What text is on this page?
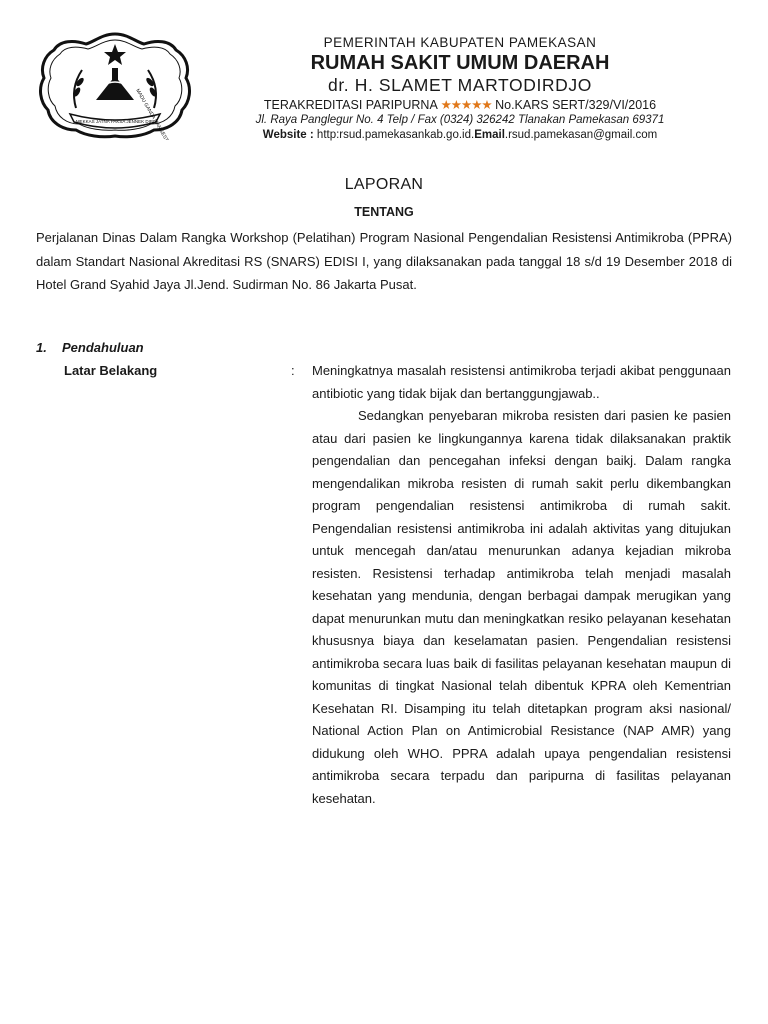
MEKKAS JATNA PAKSA JENNEK DIBI
MADU GANDA MANGESTI
PEMERINTAH KABUPATEN PAMEKASAN
RUMAH SAKIT UMUM DAERAH
dr. H. SLAMET MARTODIRDJO
TERAKREDITASI PARIPURNA ★★★★★ No.KARS SERT/329/VI/2016
Jl. Raya Panglegur No. 4 Telp / Fax (0324) 326242 Tlanakan Pamekasan 69371
Website : http:rsud.pamekasankab.go.id.Email.rsud.pamekasan@gmail.com
LAPORAN
TENTANG
Perjalanan Dinas Dalam Rangka Workshop (Pelatihan) Program Nasional Pengendalian Resistensi Antimikroba (PPRA) dalam Standart Nasional Akreditasi RS (SNARS) EDISI I, yang dilaksanakan pada tanggal 18 s/d 19 Desember 2018 di Hotel Grand Syahid Jaya Jl.Jend. Sudirman No. 86 Jakarta Pusat.
1. Pendahuluan
Latar Belakang	: Meningkatnya masalah resistensi antimikroba terjadi akibat penggunaan antibiotic yang tidak bijak dan bertanggungjawab..

Sedangkan penyebaran mikroba resisten dari pasien ke pasien atau dari pasien ke lingkungannya karena tidak dilaksanakan praktik pengendalian dan pencegahan infeksi dengan baikj. Dalam rangka mengendalikan mikroba resisten di rumah sakit perlu dikembangkan program pengendalian resistensi antimikroba di rumah sakit. Pengendalian resistensi antimikroba ini adalah aktivitas yang ditujukan untuk mencegah dan/atau menurunkan adanya kejadian mikroba resisten. Resistensi terhadap antimikroba telah menjadi masalah kesehatan yang mendunia, dengan berbagai dampak merugikan yang dapat menurunkan mutu dan meningkatkan resiko pelayanan kesehatan khususnya biaya dan keselamatan pasien. Pengendalian resistensi antimikroba secara luas baik di fasilitas pelayanan kesehatan maupun di komunitas di tingkat Nasional telah dibentuk KPRA oleh Kementrian Kesehatan RI. Disamping itu telah ditetapkan program aksi nasional/ National Action Plan on Antimicrobial Resistance (NAP AMR) yang didukung oleh WHO. PPRA adalah upaya pengendalian resistensi antimikroba secara terpadu dan paripurna di fasilitas pelayanan kesehatan.
